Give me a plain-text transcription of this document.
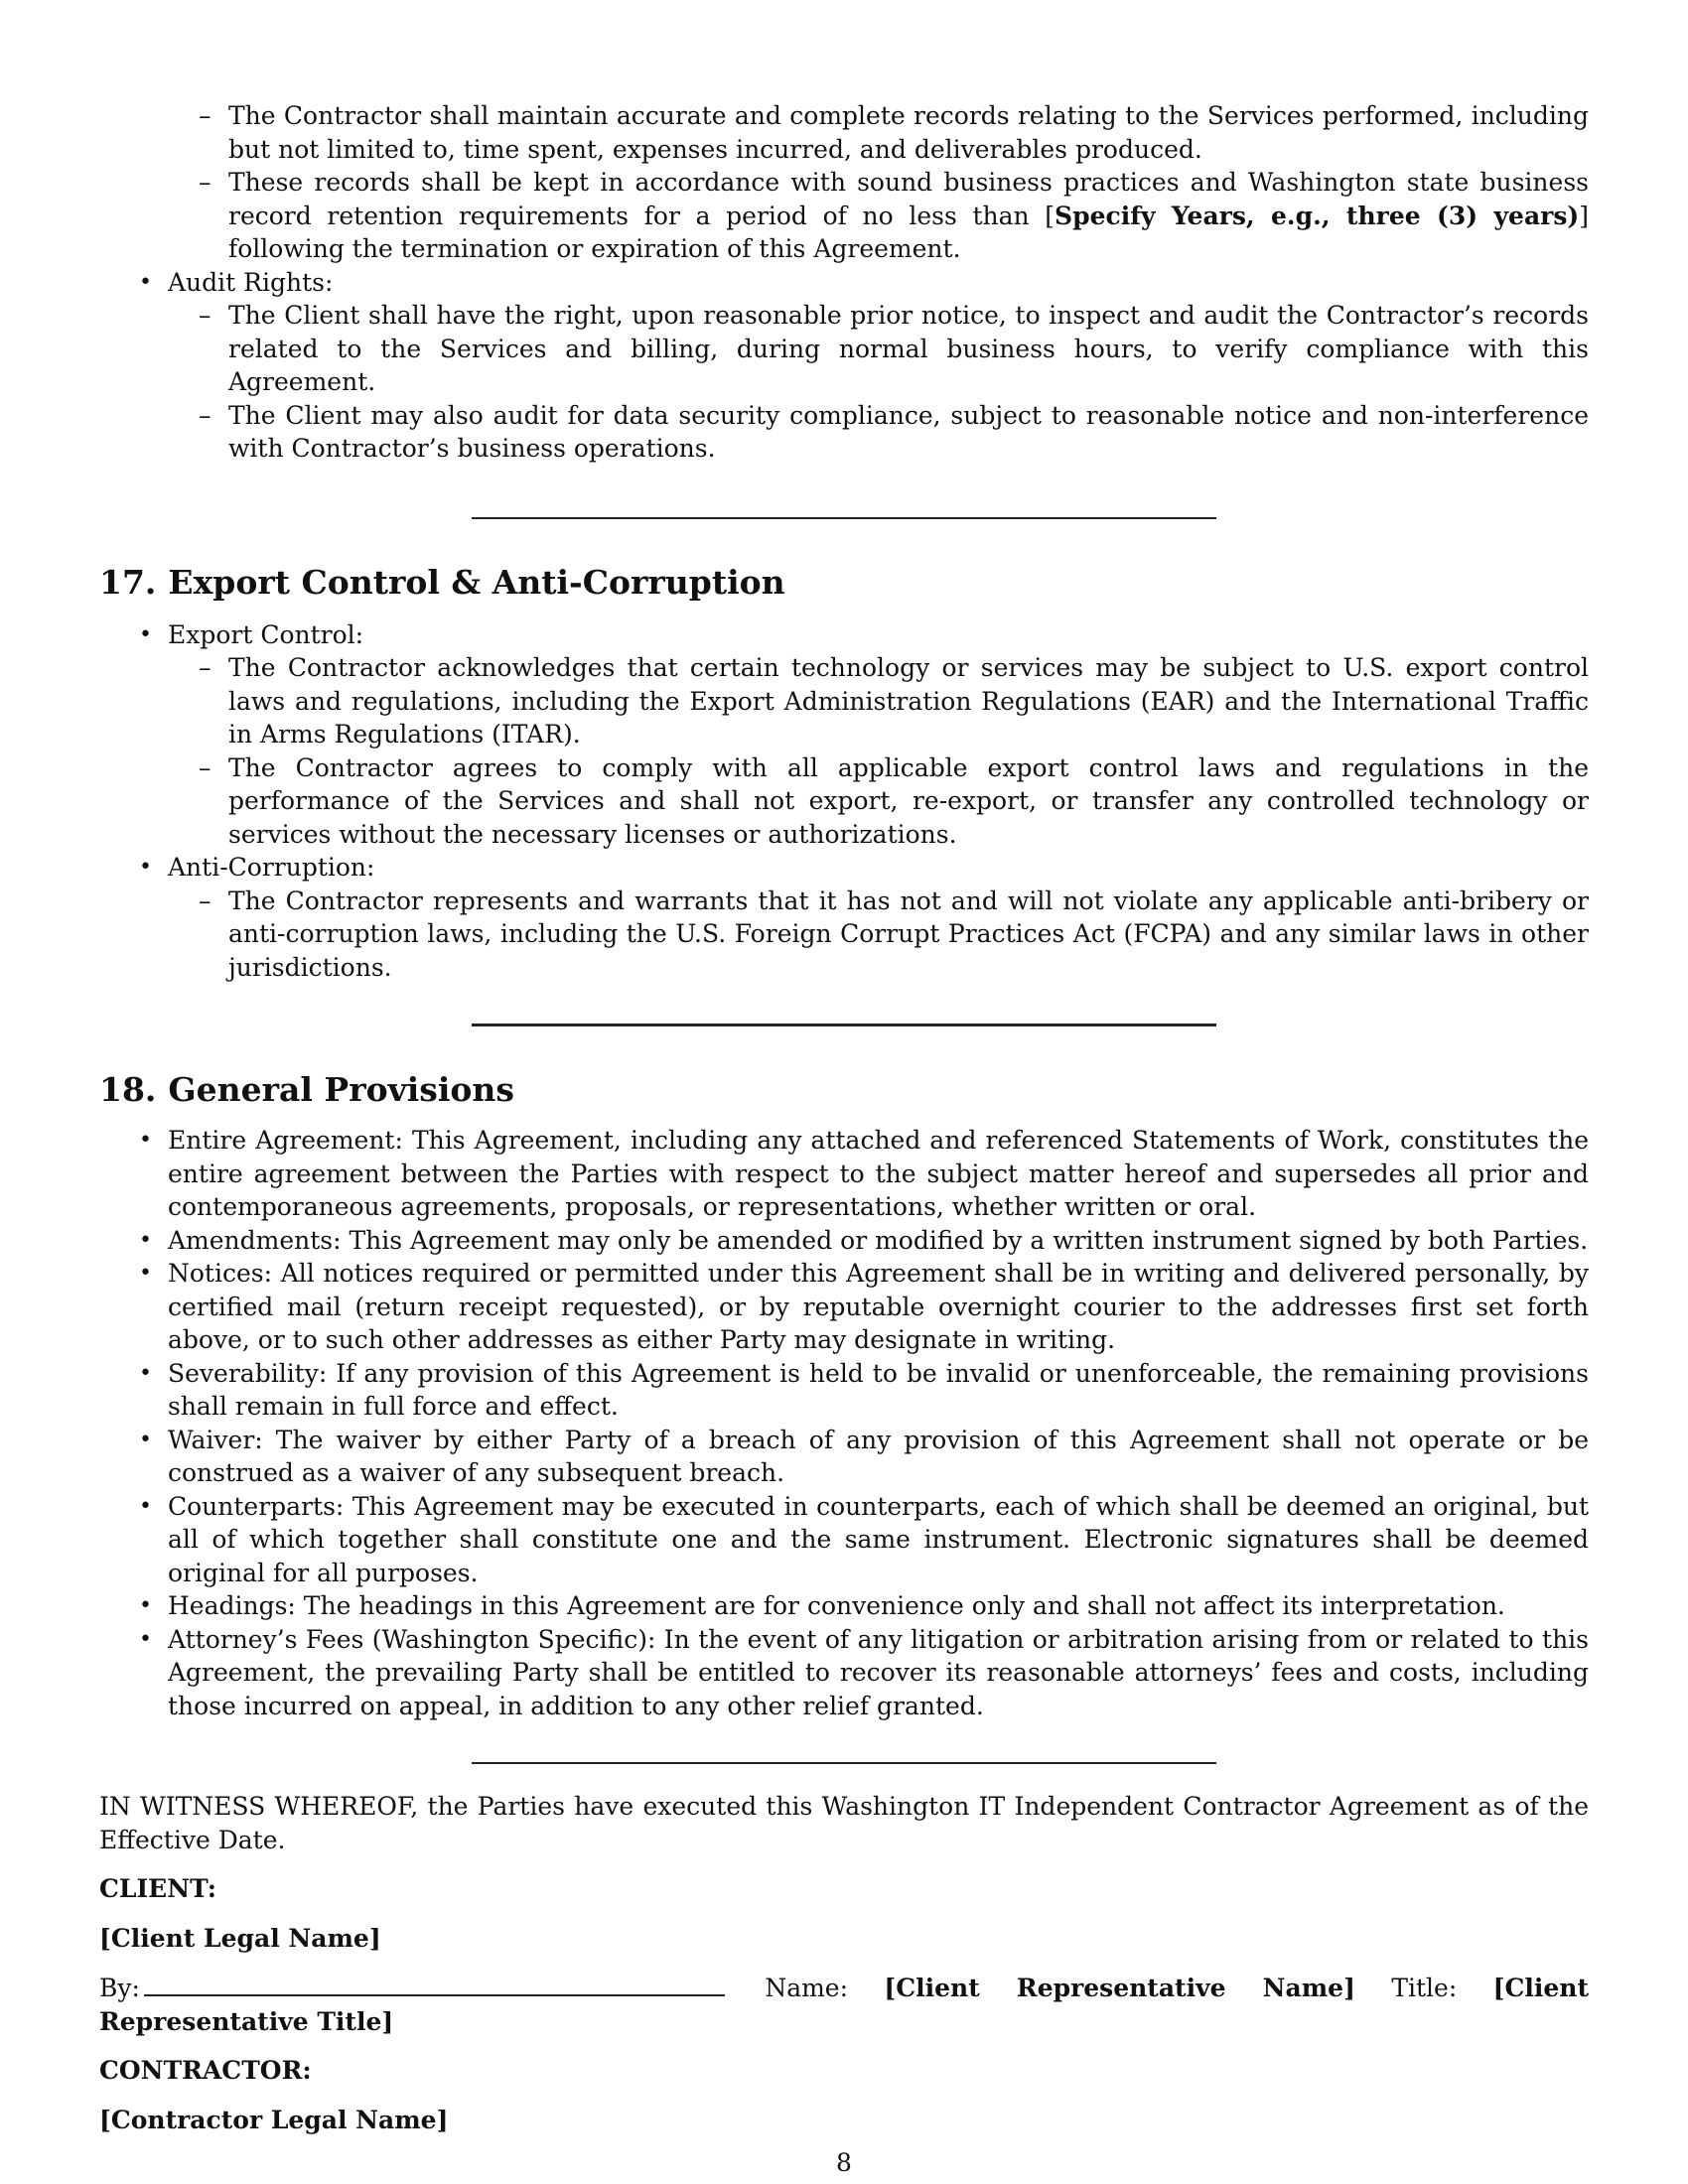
– The Contractor shall maintain accurate and complete records relating to the Services performed, including but not limited to, time spent, expenses incurred, and deliverables produced.
– These records shall be kept in accordance with sound business practices and Washington state business record retention requirements for a period of no less than [Specify Years, e.g., three (3) years)] following the termination or expiration of this Agreement.
• Audit Rights:
– The Client shall have the right, upon reasonable prior notice, to inspect and audit the Contractor’s records related to the Services and billing, during normal business hours, to verify compliance with this Agreement.
– The Client may also audit for data security compliance, subject to reasonable notice and non-interference with Contractor’s business operations.
17. Export Control & Anti-Corruption
• Export Control:
– The Contractor acknowledges that certain technology or services may be subject to U.S. export control laws and regulations, including the Export Administration Regulations (EAR) and the International Traffic in Arms Regulations (ITAR).
– The Contractor agrees to comply with all applicable export control laws and regulations in the performance of the Services and shall not export, re-export, or transfer any controlled technology or services without the necessary licenses or authorizations.
• Anti-Corruption:
– The Contractor represents and warrants that it has not and will not violate any applicable anti-bribery or anti-corruption laws, including the U.S. Foreign Corrupt Practices Act (FCPA) and any similar laws in other jurisdictions.
18. General Provisions
• Entire Agreement: This Agreement, including any attached and referenced Statements of Work, constitutes the entire agreement between the Parties with respect to the subject matter hereof and supersedes all prior and contemporaneous agreements, proposals, or representations, whether written or oral.
• Amendments: This Agreement may only be amended or modified by a written instrument signed by both Parties.
• Notices: All notices required or permitted under this Agreement shall be in writing and delivered personally, by certified mail (return receipt requested), or by reputable overnight courier to the addresses first set forth above, or to such other addresses as either Party may designate in writing.
• Severability: If any provision of this Agreement is held to be invalid or unenforceable, the remaining provisions shall remain in full force and effect.
• Waiver: The waiver by either Party of a breach of any provision of this Agreement shall not operate or be construed as a waiver of any subsequent breach.
• Counterparts: This Agreement may be executed in counterparts, each of which shall be deemed an original, but all of which together shall constitute one and the same instrument. Electronic signatures shall be deemed original for all purposes.
• Headings: The headings in this Agreement are for convenience only and shall not affect its interpretation.
• Attorney’s Fees (Washington Specific): In the event of any litigation or arbitration arising from or related to this Agreement, the prevailing Party shall be entitled to recover its reasonable attorneys’ fees and costs, including those incurred on appeal, in addition to any other relief granted.

IN WITNESS WHEREOF, the Parties have executed this Washington IT Independent Contractor Agreement as of the Effective Date.

CLIENT:

[Client Legal Name]

By:	Name: [Client Representative Name] Title: [Client Representative Title]

CONTRACTOR:

[Contractor Legal Name]

8
